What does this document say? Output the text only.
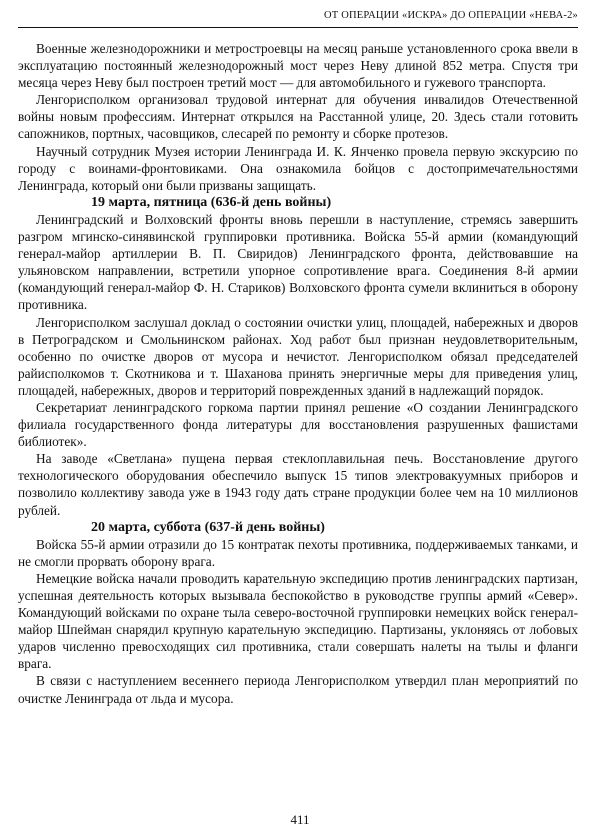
ОТ ОПЕРАЦИИ «ИСКРА» ДО ОПЕРАЦИИ «НЕВА-2»

Военные железнодорожники и метростроевцы на месяц раньше установленного срока ввели в эксплуатацию постоянный железнодорожный мост через Неву длиной 852 метра. Спустя три месяца через Неву был построен третий мост — для автомобильного и гужевого транспорта.

Ленгорисполком организовал трудовой интернат для обучения инвалидов Отечественной войны новым профессиям. Интернат открылся на Расстанной улице, 20. Здесь стали готовить сапожников, портных, часовщиков, слесарей по ремонту и сборке протезов.

Научный сотрудник Музея истории Ленинграда И. К. Янченко провела первую экскурсию по городу с воинами-фронтовиками. Она ознакомила бойцов с достопримечательностями Ленинграда, который они были призваны защищать.

19 марта, пятница (636-й день войны)

Ленинградский и Волховский фронты вновь перешли в наступление, стремясь завершить разгром мгинско-синявинской группировки противника. Войска 55-й армии (командующий генерал-майор артиллерии В. П. Свиридов) Ленинградского фронта, действовавшие на ульяновском направлении, встретили упорное сопротивление врага. Соединения 8-й армии (командующий генерал-майор Ф. Н. Стариков) Волховского фронта сумели вклиниться в оборону противника.

Ленгорисполком заслушал доклад о состоянии очистки улиц, площадей, набережных и дворов в Петроградском и Смольнинском районах. Ход работ был признан неудовлетворительным, особенно по очистке дворов от мусора и нечистот. Ленгорисполком обязал председателей райисполкомов т. Скотникова и т. Шаханова принять энергичные меры для приведения улиц, площадей, набережных, дворов и территорий поврежденных зданий в надлежащий порядок.

Секретариат ленинградского горкома партии принял решение «О создании Ленинградского филиала государственного фонда литературы для восстановления разрушенных фашистами библиотек».

На заводе «Светлана» пущена первая стеклоплавильная печь. Восстановление другого технологического оборудования обеспечило выпуск 15 типов электровакуумных приборов и позволило коллективу завода уже в 1943 году дать стране продукции более чем на 10 миллионов рублей.

20 марта, суббота (637-й день войны)

Войска 55-й армии отразили до 15 контратак пехоты противника, поддерживаемых танками, и не смогли прорвать оборону врага.

Немецкие войска начали проводить карательную экспедицию против ленинградских партизан, успешная деятельность которых вызывала беспокойство в руководстве группы армий «Север». Командующий войсками по охране тыла северо-восточной группировки немецких войск генерал-майор Шпейман снарядил крупную карательную экспедицию. Партизаны, уклоняясь от лобовых ударов численно превосходящих сил противника, стали совершать налеты на тылы и фланги врага.

В связи с наступлением весеннего периода Ленгорисполком утвердил план мероприятий по очистке Ленинграда от льда и мусора.

411
